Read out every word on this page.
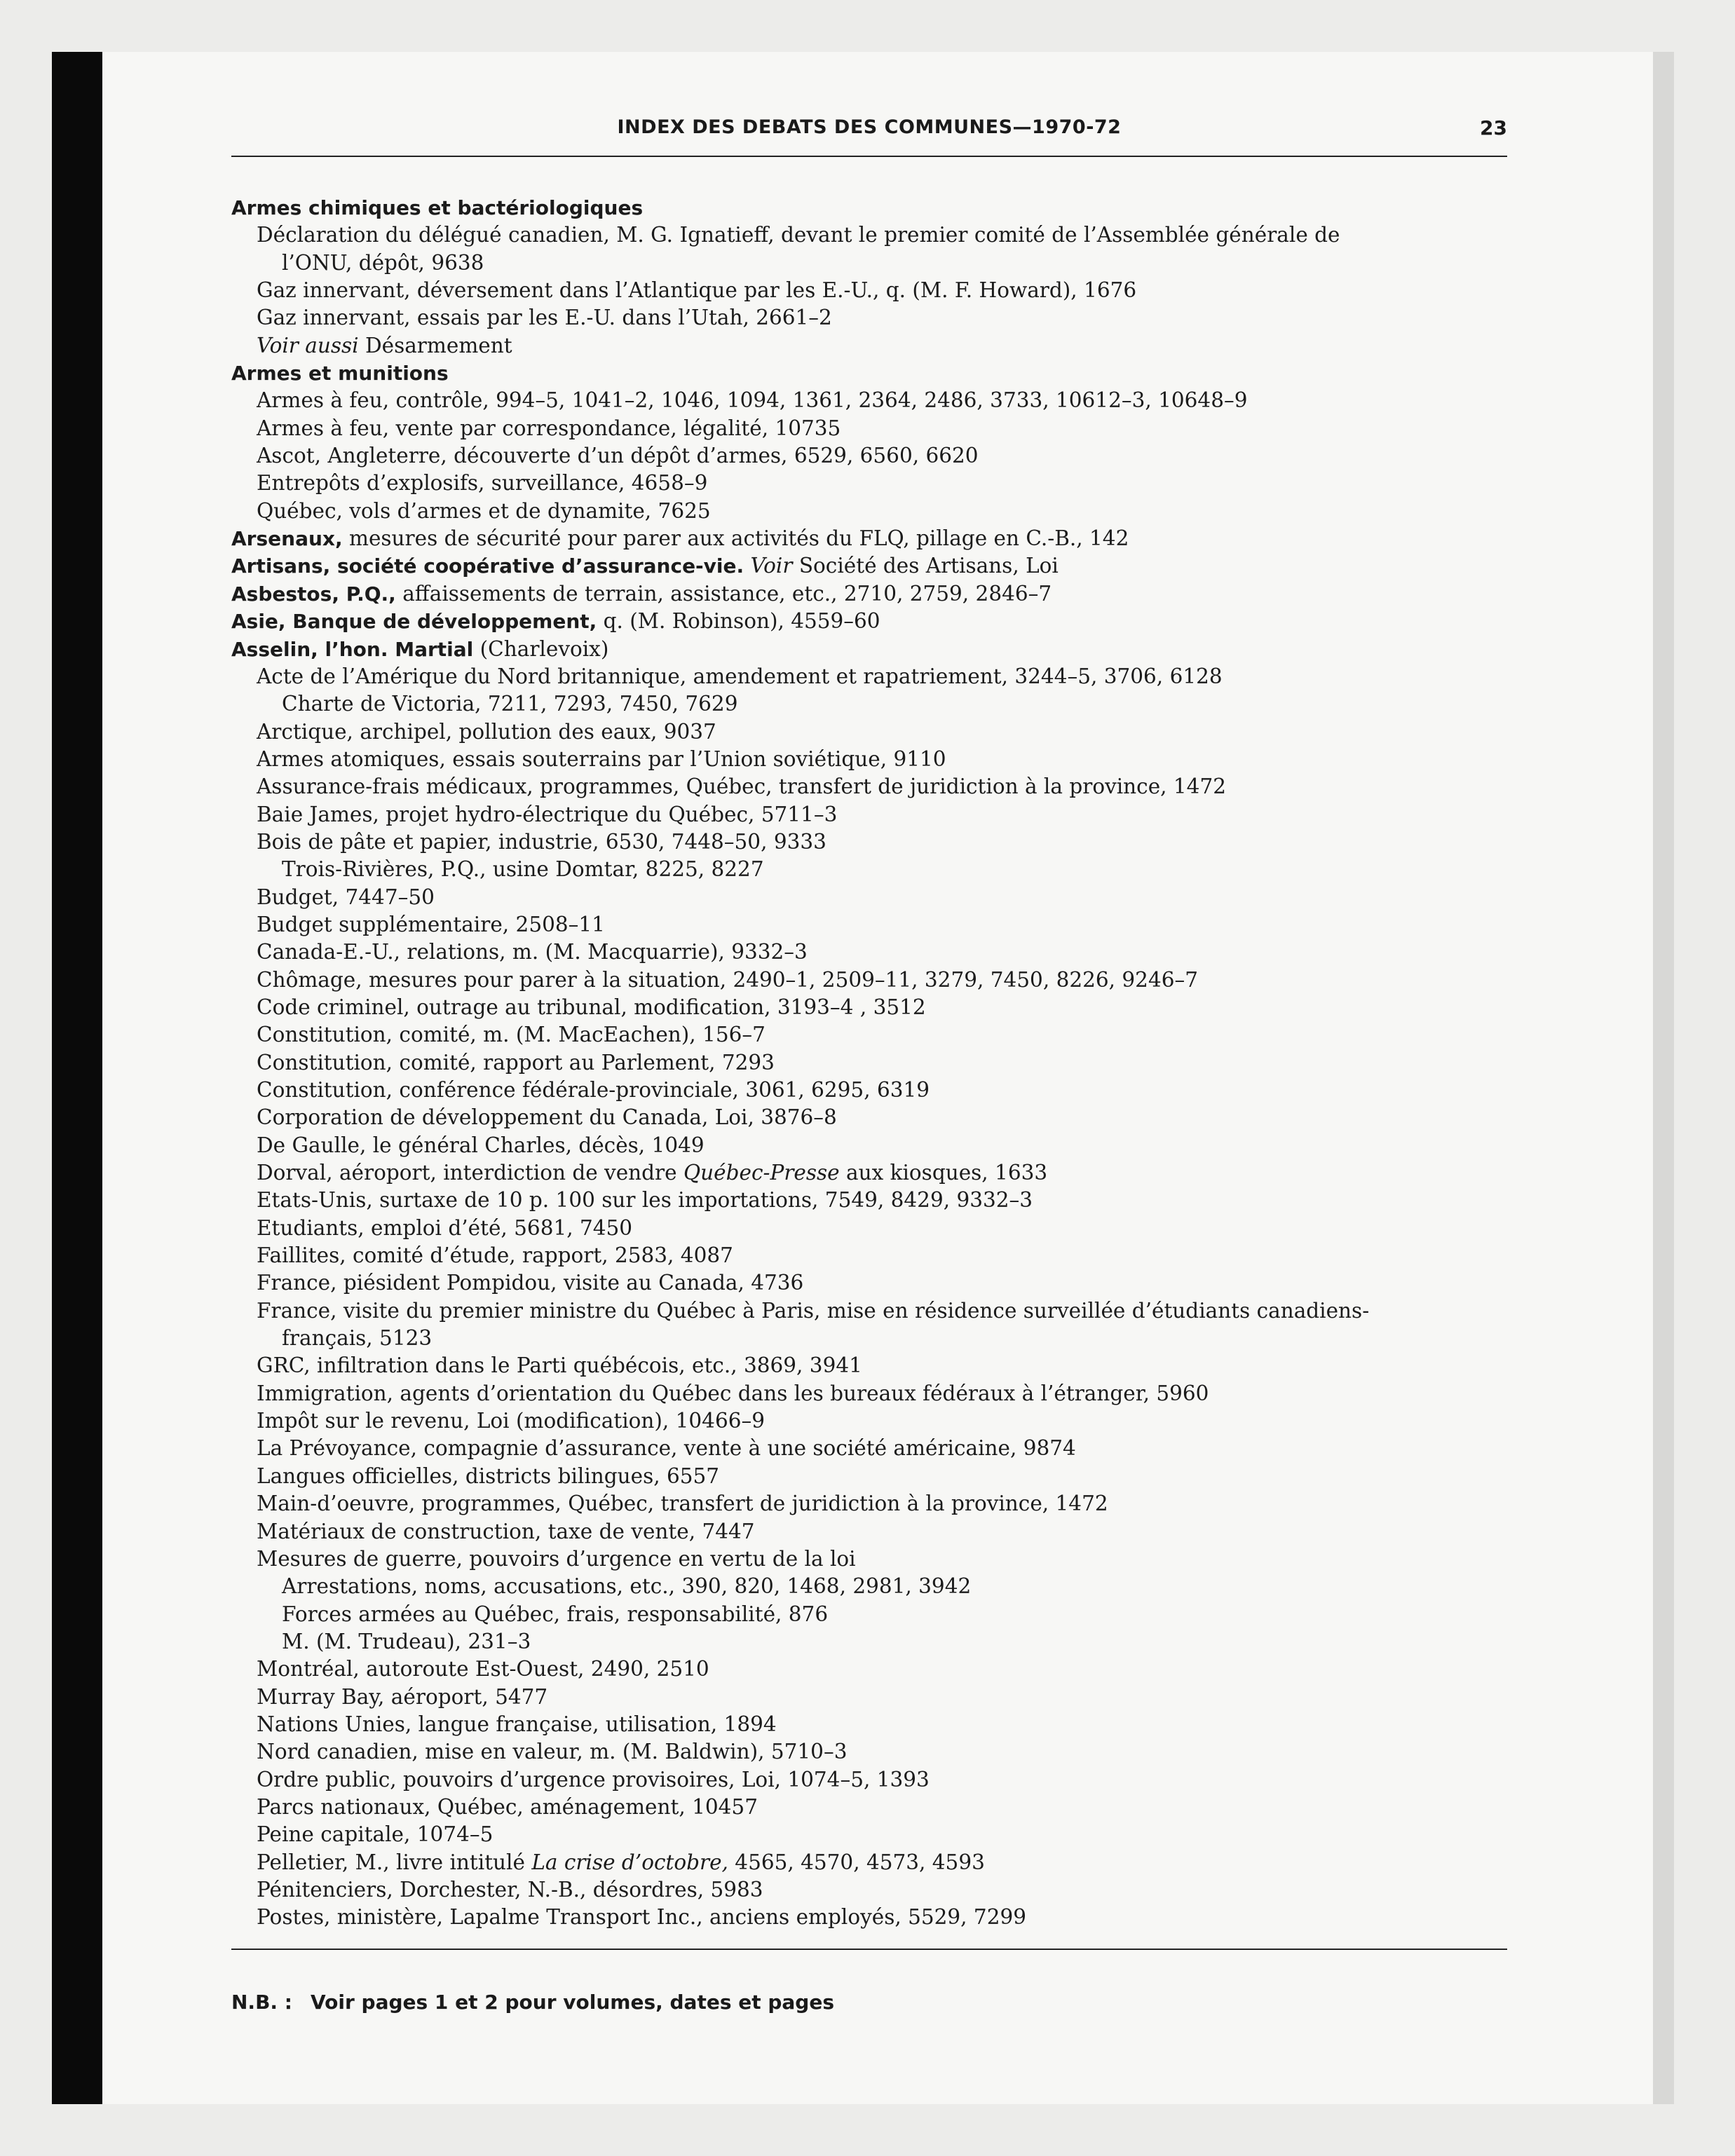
INDEX DES DEBATS DES COMMUNES—1970-72	23
Armes chimiques et bactériologiques
Déclaration du délégué canadien, M. G. Ignatieff, devant le premier comité de l’Assemblée générale de
l’ONU, dépôt, 9638
Gaz innervant, déversement dans l’Atlantique par les E.-U., q. (M. F. Howard), 1676
Gaz innervant, essais par les E.-U. dans l’Utah, 2661–2
Voir aussi Désarmement
Armes et munitions
Armes à feu, contrôle, 994–5, 1041–2, 1046, 1094, 1361, 2364, 2486, 3733, 10612–3, 10648–9
Armes à feu, vente par correspondance, légalité, 10735
Ascot, Angleterre, découverte d’un dépôt d’armes, 6529, 6560, 6620
Entrepôts d’explosifs, surveillance, 4658–9
Québec, vols d’armes et de dynamite, 7625
Arsenaux, mesures de sécurité pour parer aux activités du FLQ, pillage en C.-B., 142
Artisans, société coopérative d’assurance-vie. Voir Société des Artisans, Loi
Asbestos, P.Q., affaissements de terrain, assistance, etc., 2710, 2759, 2846–7
Asie, Banque de développement, q. (M. Robinson), 4559–60
Asselin, l’hon. Martial (Charlevoix)
Acte de l’Amérique du Nord britannique, amendement et rapatriement, 3244–5, 3706, 6128
Charte de Victoria, 7211, 7293, 7450, 7629
Arctique, archipel, pollution des eaux, 9037
Armes atomiques, essais souterrains par l’Union soviétique, 9110
Assurance-frais médicaux, programmes, Québec, transfert de juridiction à la province, 1472
Baie James, projet hydro-électrique du Québec, 5711–3
Bois de pâte et papier, industrie, 6530, 7448–50, 9333
Trois-Rivières, P.Q., usine Domtar, 8225, 8227
Budget, 7447–50
Budget supplémentaire, 2508–11
Canada-E.-U., relations, m. (M. Macquarrie), 9332–3
Chômage, mesures pour parer à la situation, 2490–1, 2509–11, 3279, 7450, 8226, 9246–7
Code criminel, outrage au tribunal, modification, 3193–4 , 3512
Constitution, comité, m. (M. MacEachen), 156–7
Constitution, comité, rapport au Parlement, 7293
Constitution, conférence fédérale-provinciale, 3061, 6295, 6319
Corporation de développement du Canada, Loi, 3876–8
De Gaulle, le général Charles, décès, 1049
Dorval, aéroport, interdiction de vendre Québec-Presse aux kiosques, 1633
Etats-Unis, surtaxe de 10 p. 100 sur les importations, 7549, 8429, 9332–3
Etudiants, emploi d’été, 5681, 7450
Faillites, comité d’étude, rapport, 2583, 4087
France, piésident Pompidou, visite au Canada, 4736
France, visite du premier ministre du Québec à Paris, mise en résidence surveillée d’étudiants canadiens-
français, 5123
GRC, infiltration dans le Parti québécois, etc., 3869, 3941
Immigration, agents d’orientation du Québec dans les bureaux fédéraux à l’étranger, 5960
Impôt sur le revenu, Loi (modification), 10466–9
La Prévoyance, compagnie d’assurance, vente à une société américaine, 9874
Langues officielles, districts bilingues, 6557
Main-d’oeuvre, programmes, Québec, transfert de juridiction à la province, 1472
Matériaux de construction, taxe de vente, 7447
Mesures de guerre, pouvoirs d’urgence en vertu de la loi
Arrestations, noms, accusations, etc., 390, 820, 1468, 2981, 3942
Forces armées au Québec, frais, responsabilité, 876
M. (M. Trudeau), 231–3
Montréal, autoroute Est-Ouest, 2490, 2510
Murray Bay, aéroport, 5477
Nations Unies, langue française, utilisation, 1894
Nord canadien, mise en valeur, m. (M. Baldwin), 5710–3
Ordre public, pouvoirs d’urgence provisoires, Loi, 1074–5, 1393
Parcs nationaux, Québec, aménagement, 10457
Peine capitale, 1074–5
Pelletier, M., livre intitulé La crise d’octobre, 4565, 4570, 4573, 4593
Pénitenciers, Dorchester, N.-B., désordres, 5983
Postes, ministère, Lapalme Transport Inc., anciens employés, 5529, 7299
N.B. : Voir pages 1 et 2 pour volumes, dates et pages
